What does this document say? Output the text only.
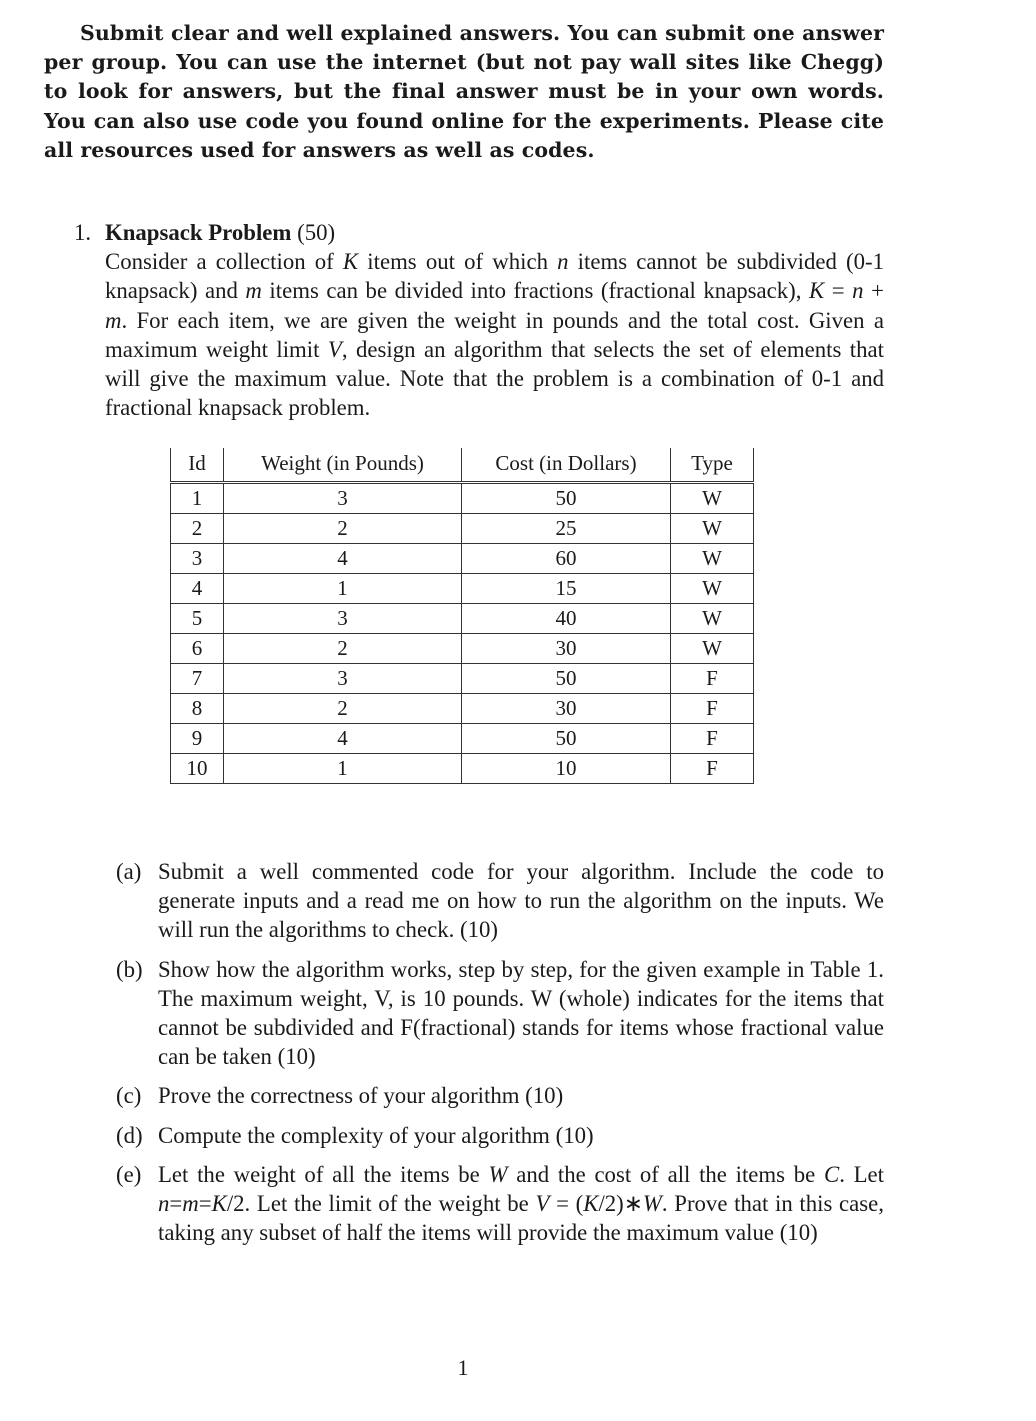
Submit clear and well explained answers. You can submit one answer per group. You can use the internet (but not pay wall sites like Chegg) to look for answers, but the final answer must be in your own words. You can also use code you found online for the experiments. Please cite all resources used for answers as well as codes.
1. Knapsack Problem (50)
Consider a collection of K items out of which n items cannot be subdivided (0-1 knapsack) and m items can be divided into fractions (fractional knapsack), K = n + m. For each item, we are given the weight in pounds and the total cost. Given a maximum weight limit V, design an algorithm that selects the set of elements that will give the maximum value. Note that the problem is a combination of 0-1 and fractional knapsack problem.
Id	Weight (in Pounds)	Cost (in Dollars)	Type
1	3	50	W
2	2	25	W
3	4	60	W
4	1	15	W
5	3	40	W
6	2	30	W
7	3	50	F
8	2	30	F
9	4	50	F
10	1	10	F
(a) Submit a well commented code for your algorithm. Include the code to generate inputs and a read me on how to run the algorithm on the inputs. We will run the algorithms to check. (10)
(b) Show how the algorithm works, step by step, for the given example in Table 1. The maximum weight, V, is 10 pounds. W (whole) indicates for the items that cannot be subdivided and F(fractional) stands for items whose fractional value can be taken (10)
(c) Prove the correctness of your algorithm (10)
(d) Compute the complexity of your algorithm (10)
(e) Let the weight of all the items be W and the cost of all the items be C. Let n=m=K/2. Let the limit of the weight be V = (K/2)∗W. Prove that in this case, taking any subset of half the items will provide the maximum value (10)
1
